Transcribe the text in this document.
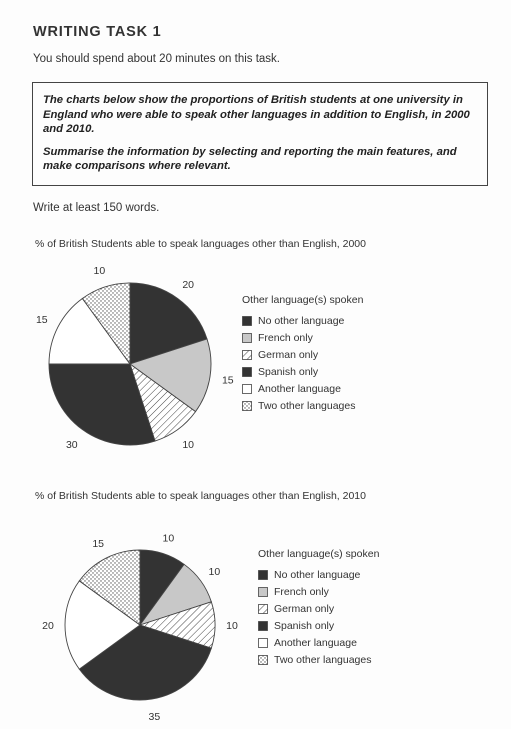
WRITING TASK 1
You should spend about 20 minutes on this task.

The charts below show the proportions of British students at one university in England who were able to speak other languages in addition to English, in 2000 and 2010.

Summarise the information by selecting and reporting the main features, and make comparisons where relevant.

Write at least 150 words.
% of British Students able to speak languages other than English, 2000
% of British Students able to speak languages other than English, 2010
20
15
10
30
15
10
10
10
10
35
20
15
Other language(s) spoken
No other language
French only
German only
Spanish only
Another language
Two other languages
Other language(s) spoken
No other language
French only
German only
Spanish only
Another language
Two other languages
